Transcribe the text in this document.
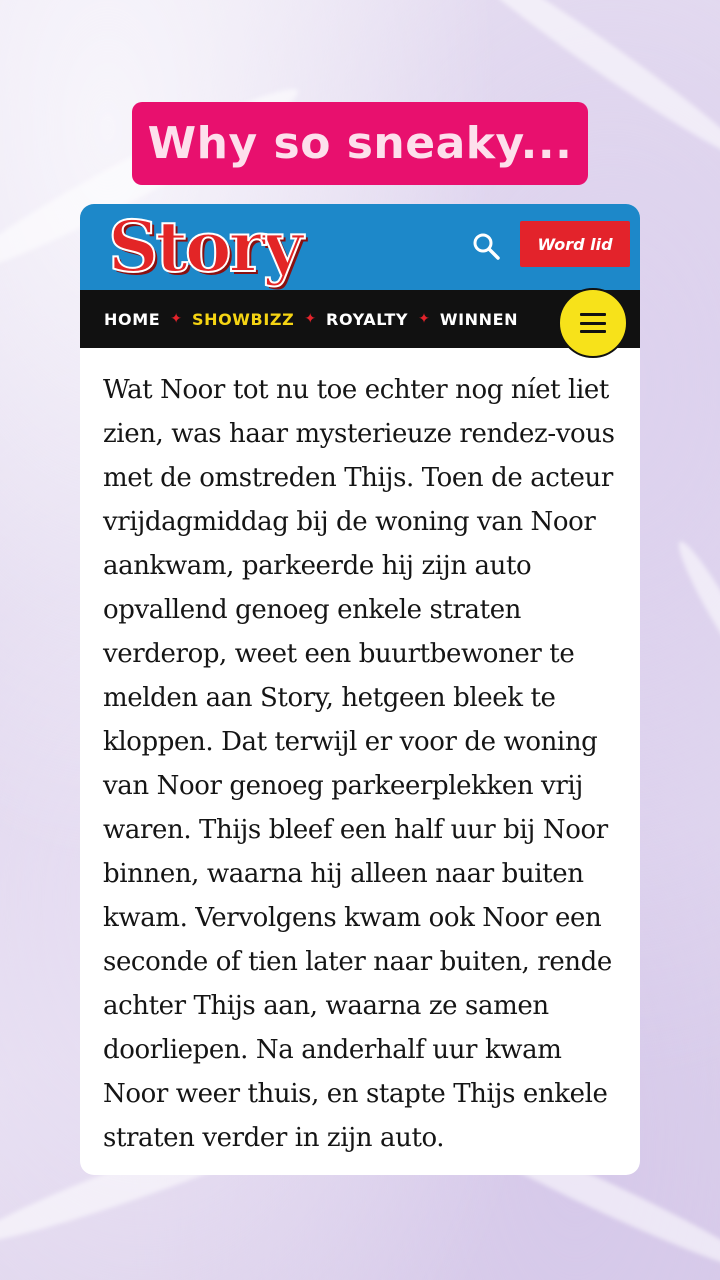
Why so sneaky...
Story	Word lid
HOME ✦ SHOWBIZZ ✦ ROYALTY ✦ WINNEN

Wat Noor tot nu toe echter nog níet liet zien, was haar mysterieuze rendez-vous met de omstreden Thijs. Toen de acteur vrijdagmiddag bij de woning van Noor aankwam, parkeerde hij zijn auto opvallend genoeg enkele straten verderop, weet een buurtbewoner te melden aan Story, hetgeen bleek te kloppen. Dat terwijl er voor de woning van Noor genoeg parkeerplekken vrij waren. Thijs bleef een half uur bij Noor binnen, waarna hij alleen naar buiten kwam. Vervolgens kwam ook Noor een seconde of tien later naar buiten, rende achter Thijs aan, waarna ze samen doorliepen. Na anderhalf uur kwam Noor weer thuis, en stapte Thijs enkele straten verder in zijn auto.
